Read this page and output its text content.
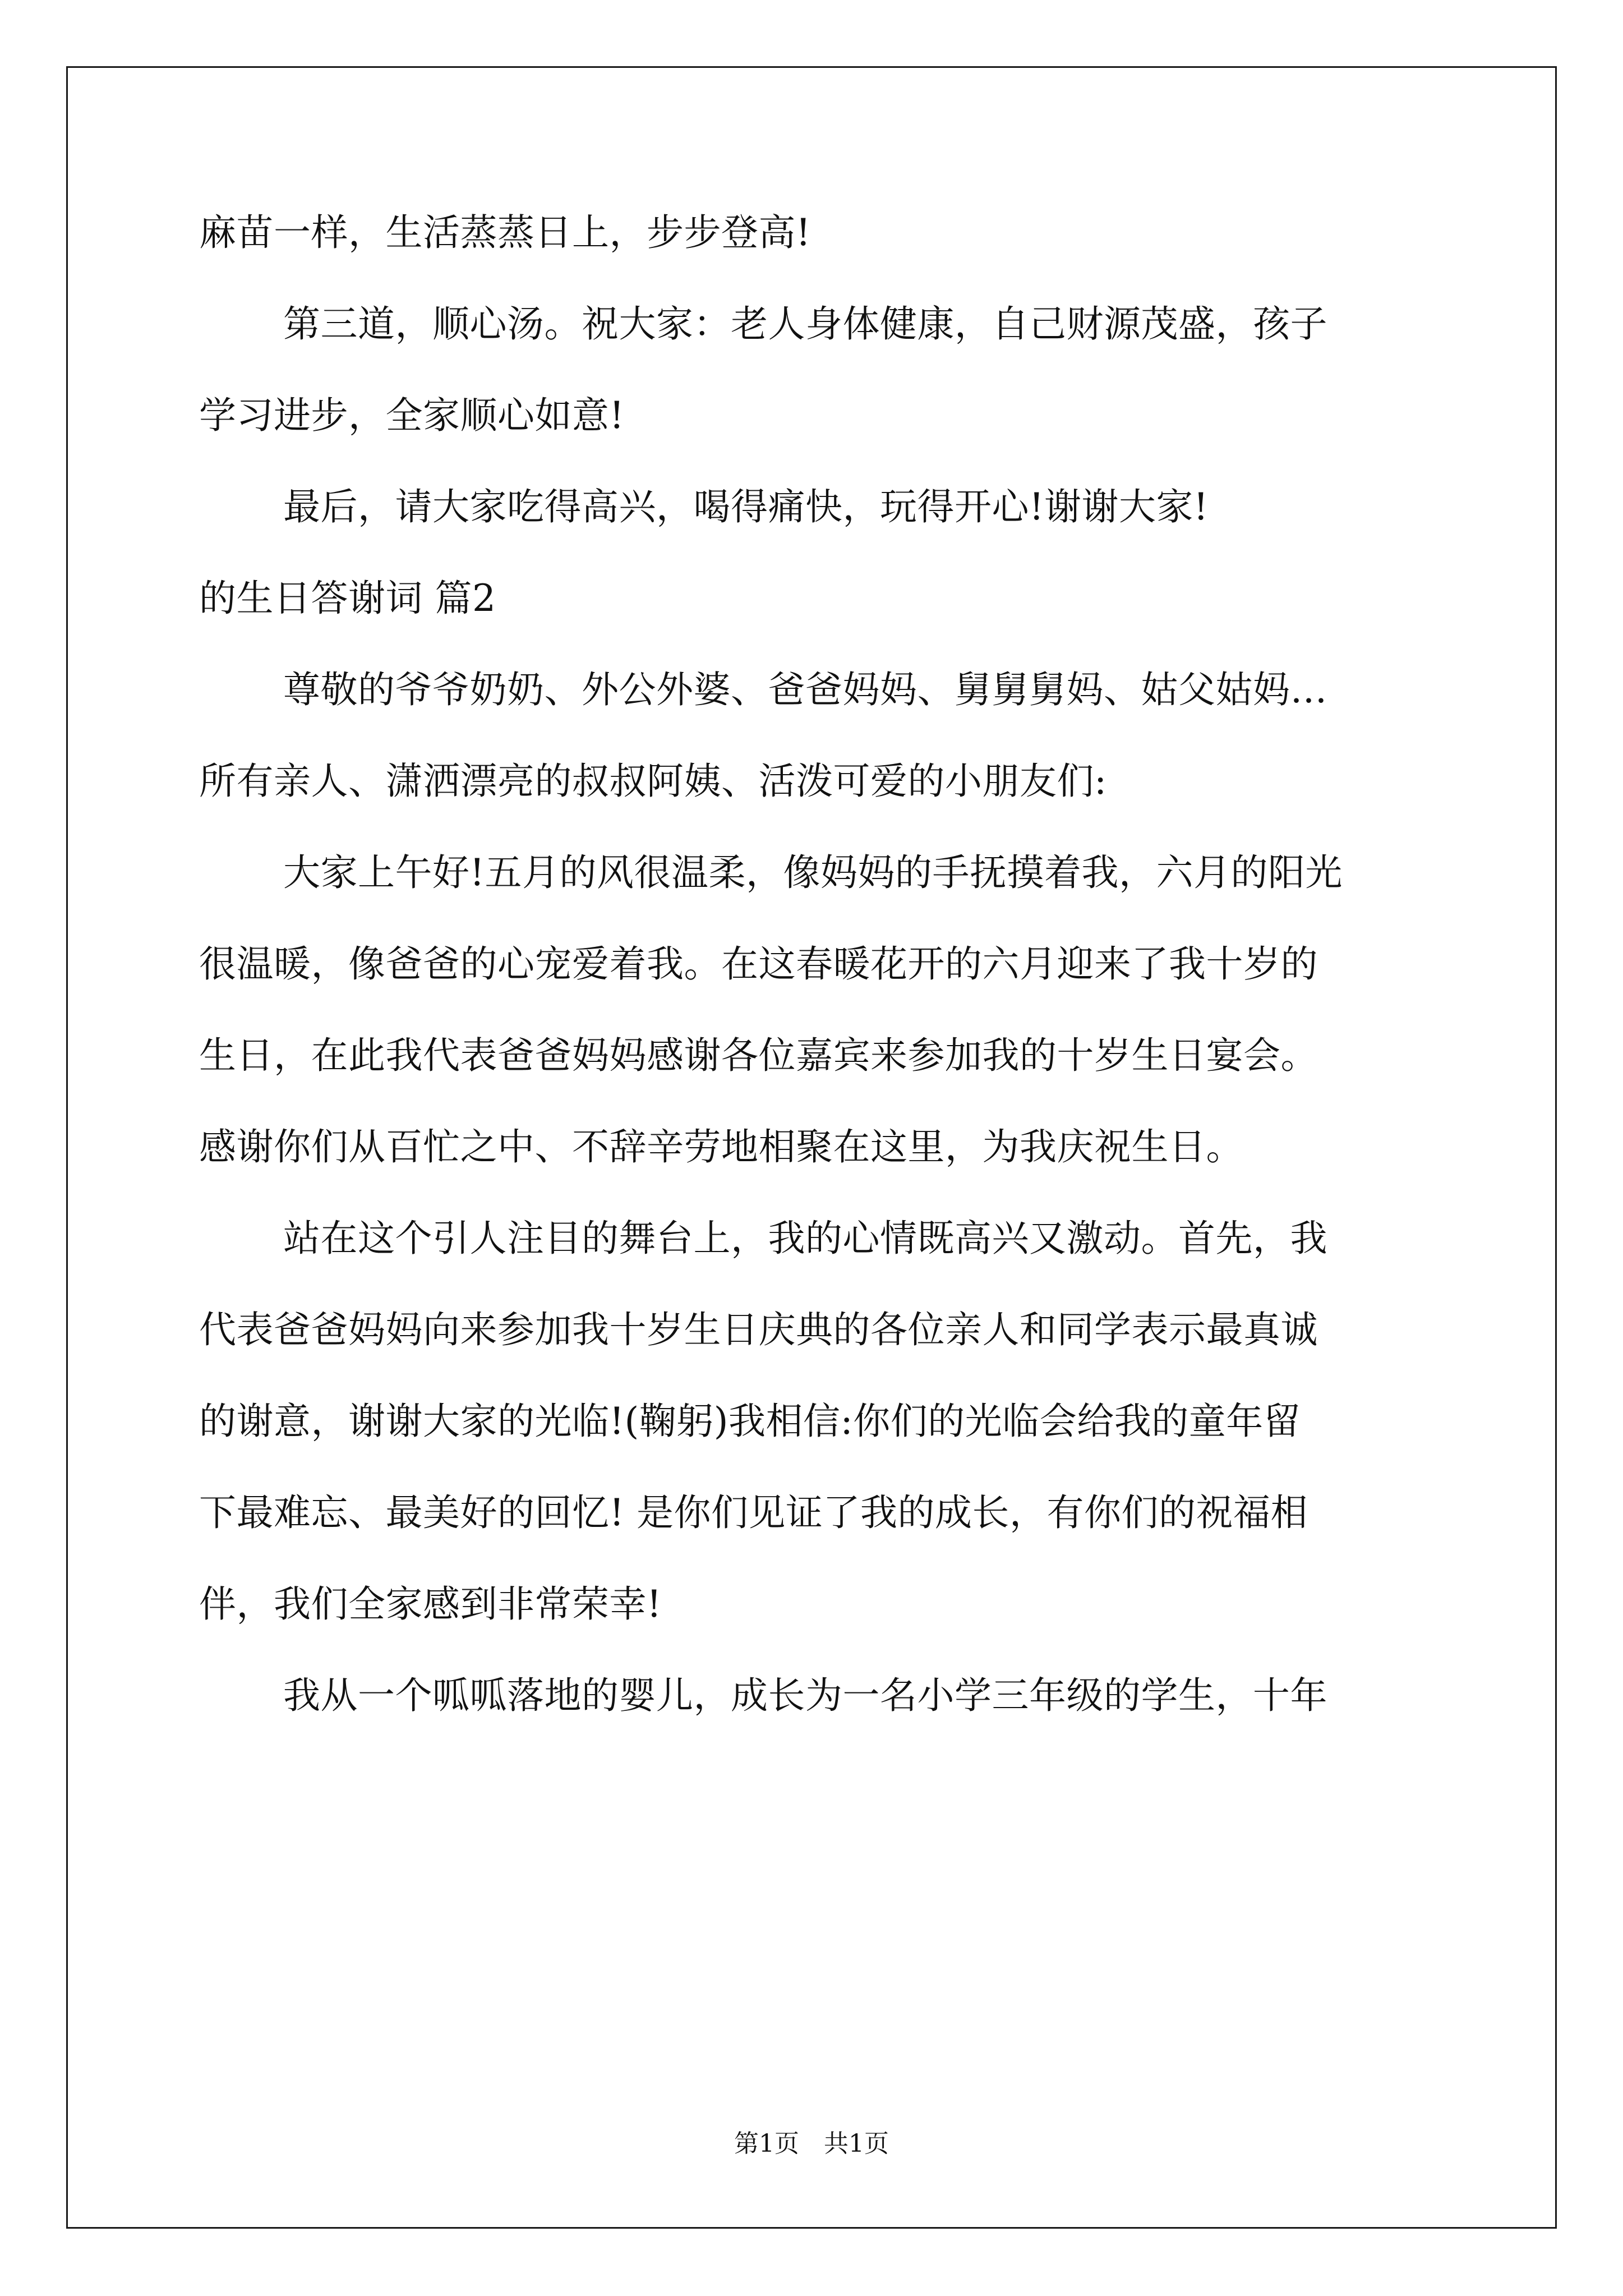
麻苗一样，生活蒸蒸日上，步步登高!
第三道，顺心汤。祝大家：老人身体健康，自己财源茂盛，孩子
学习进步，全家顺心如意!
最后，请大家吃得高兴，喝得痛快，玩得开心!谢谢大家!
的生日答谢词 篇2
尊敬的爷爷奶奶、外公外婆、爸爸妈妈、舅舅舅妈、姑父姑妈…
所有亲人、潇洒漂亮的叔叔阿姨、活泼可爱的小朋友们:
大家上午好!五月的风很温柔，像妈妈的手抚摸着我，六月的阳光
很温暖，像爸爸的心宠爱着我。在这春暖花开的六月迎来了我十岁的
生日，在此我代表爸爸妈妈感谢各位嘉宾来参加我的十岁生日宴会。
感谢你们从百忙之中、不辞辛劳地相聚在这里，为我庆祝生日。
站在这个引人注目的舞台上，我的心情既高兴又激动。首先，我
代表爸爸妈妈向来参加我十岁生日庆典的各位亲人和同学表示最真诚
的谢意，谢谢大家的光临!(鞠躬)我相信:你们的光临会给我的童年留
下最难忘、最美好的回忆! 是你们见证了我的成长，有你们的祝福相
伴，我们全家感到非常荣幸!
我从一个呱呱落地的婴儿，成长为一名小学三年级的学生，十年
第1页　共1页
